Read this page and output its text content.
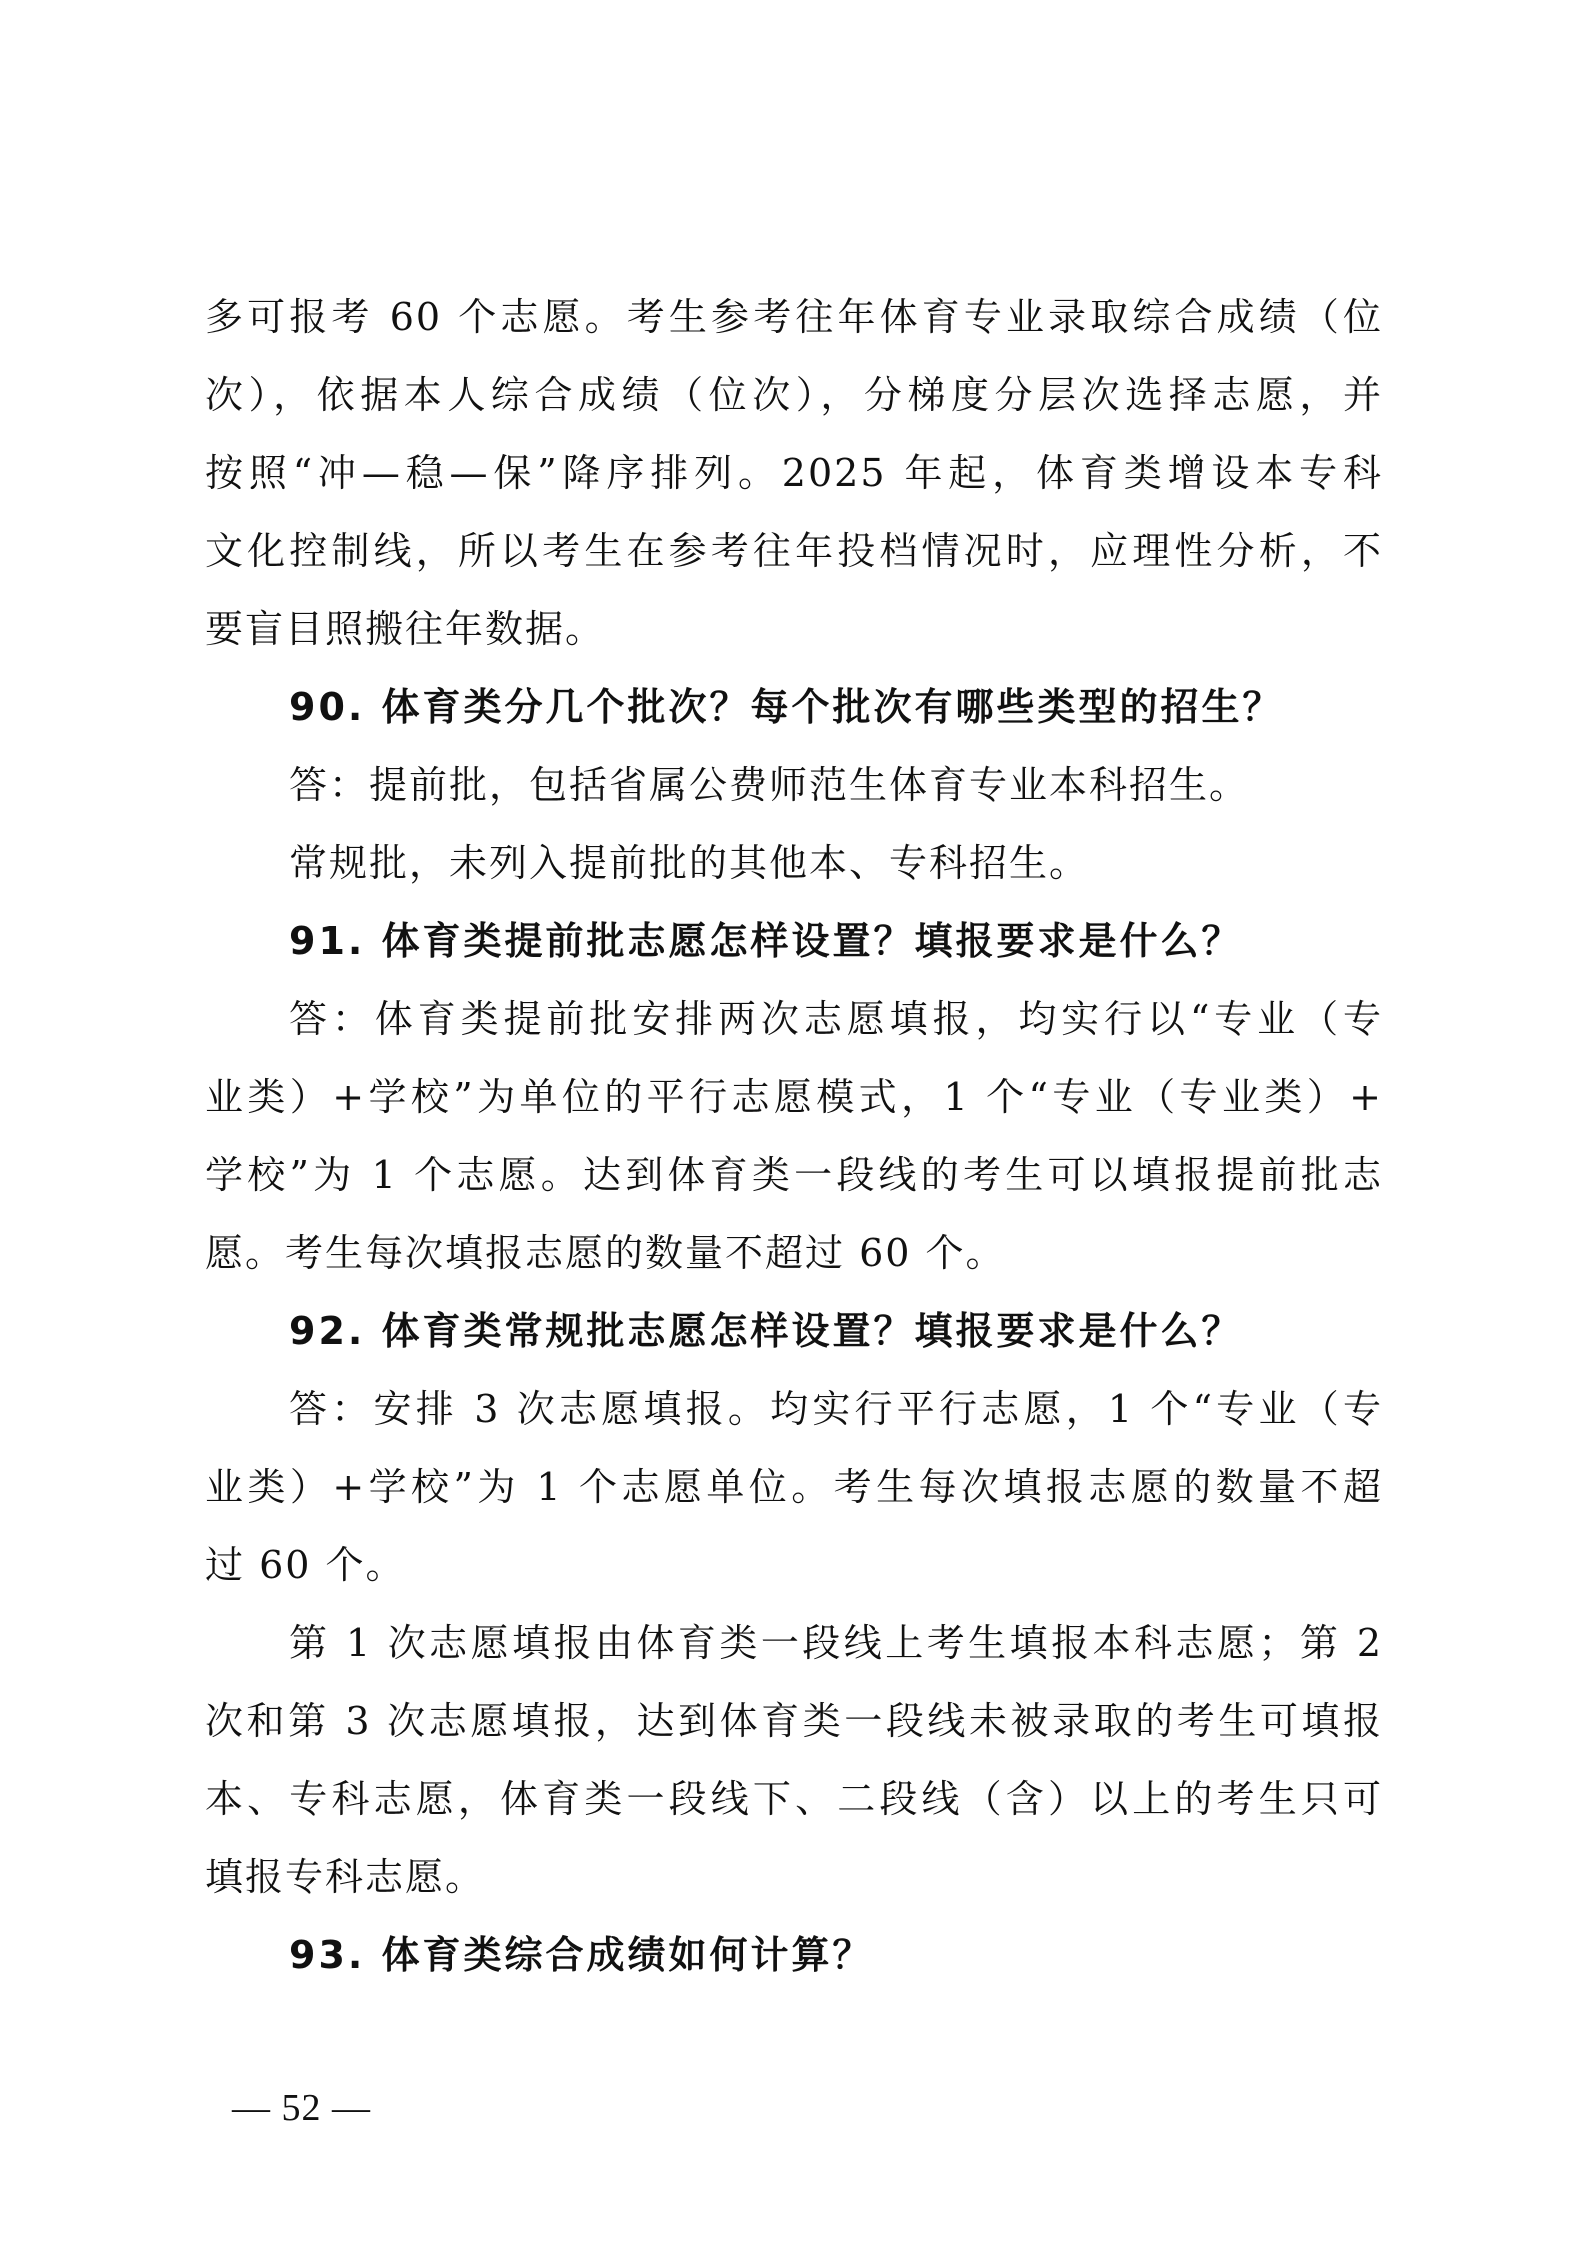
多可报考 60 个志愿。考生参考往年体育专业录取综合成绩（位
次），依据本人综合成绩（位次），分梯度分层次选择志愿，并
按照“冲—稳—保”降序排列。2025 年起，体育类增设本专科
文化控制线，所以考生在参考往年投档情况时，应理性分析，不
要盲目照搬往年数据。
90. 体育类分几个批次？每个批次有哪些类型的招生？
答：提前批，包括省属公费师范生体育专业本科招生。
常规批，未列入提前批的其他本、专科招生。
91. 体育类提前批志愿怎样设置？填报要求是什么？
答：体育类提前批安排两次志愿填报，均实行以“专业（专
业类）+学校”为单位的平行志愿模式，1 个“专业（专业类）+
学校”为 1 个志愿。达到体育类一段线的考生可以填报提前批志
愿。考生每次填报志愿的数量不超过 60 个。
92. 体育类常规批志愿怎样设置？填报要求是什么？
答：安排 3 次志愿填报。均实行平行志愿，1 个“专业（专
业类）+学校”为 1 个志愿单位。考生每次填报志愿的数量不超
过 60 个。
第 1 次志愿填报由体育类一段线上考生填报本科志愿；第 2
次和第 3 次志愿填报，达到体育类一段线未被录取的考生可填报
本、专科志愿，体育类一段线下、二段线（含）以上的考生只可
填报专科志愿。
93. 体育类综合成绩如何计算？
— 52 —
